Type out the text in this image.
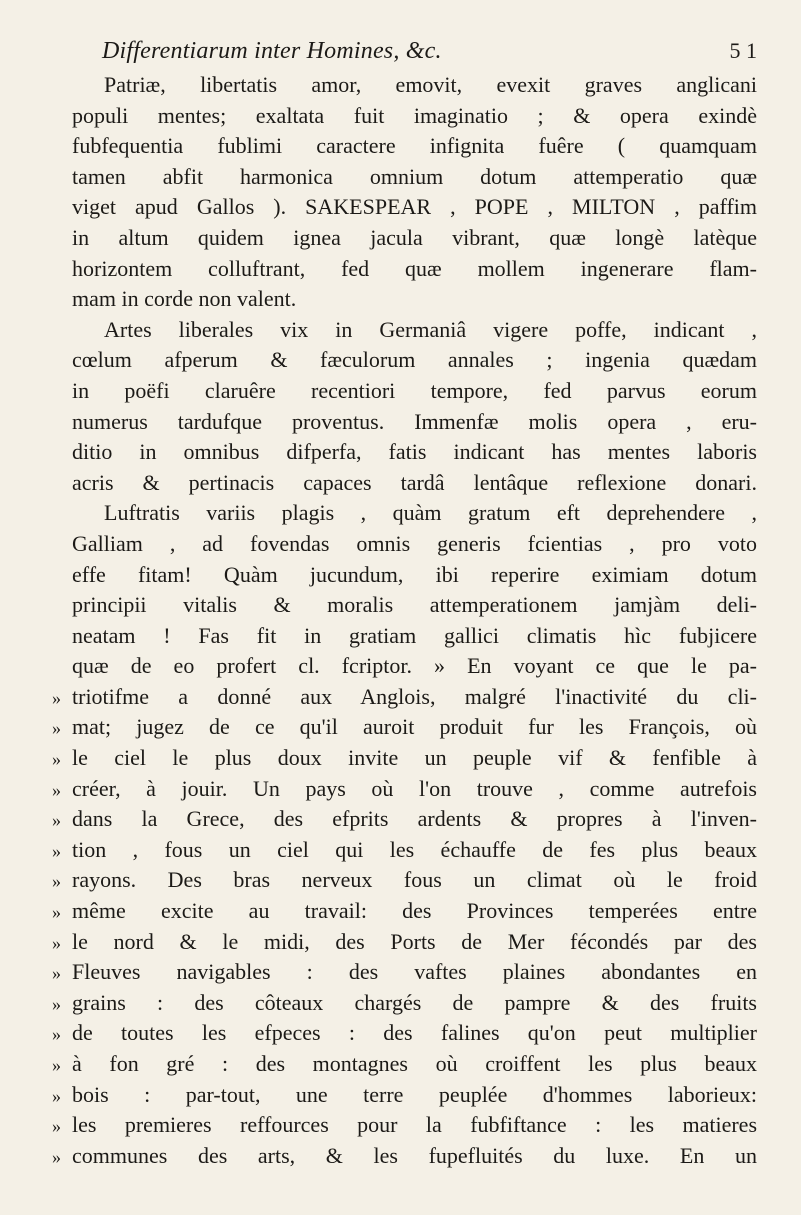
Differentiarum inter Homines, &c.	5 1
Patriæ, libertatis amor, emovit, evexit graves anglicani
populi mentes; exaltata fuit imaginatio ; & opera exindè
fubfequentia fublimi caractere infignita fuêre ( quamquam
tamen abfit harmonica omnium dotum attemperatio quæ
viget apud Gallos ). SAKESPEAR , POPE , MILTON , paffim
in altum quidem ignea jacula vibrant, quæ longè latèque
horizontem colluftrant, fed quæ mollem ingenerare flam-
mam in corde non valent.
Artes liberales vix in Germaniâ vigere poffe, indicant ,
cœlum afperum & fæculorum annales ; ingenia quædam
in poëfi claruêre recentiori tempore, fed parvus eorum
numerus tardufque proventus. Immenfæ molis opera , eru-
ditio in omnibus difperfa, fatis indicant has mentes laboris
acris & pertinacis capaces tardâ lentâque reflexione donari.
Luftratis variis plagis , quàm gratum eft deprehendere ,
Galliam , ad fovendas omnis generis fcientias , pro voto
effe fitam! Quàm jucundum, ibi reperire eximiam dotum
principii vitalis & moralis attemperationem jamjàm deli-
neatam ! Fas fit in gratiam gallici climatis hìc fubjicere
quæ de eo profert cl. fcriptor. » En voyant ce que le pa-
» triotifme a donné aux Anglois, malgré l'inactivité du cli-
» mat; jugez de ce qu'il auroit produit fur les François, où
» le ciel le plus doux invite un peuple vif & fenfible à
» créer, à jouir. Un pays où l'on trouve , comme autrefois
» dans la Grece, des efprits ardents & propres à l'inven-
» tion , fous un ciel qui les échauffe de fes plus beaux
» rayons. Des bras nerveux fous un climat où le froid
» même excite au travail: des Provinces temperées entre
» le nord & le midi, des Ports de Mer fécondés par des
» Fleuves navigables : des vaftes plaines abondantes en
» grains : des côteaux chargés de pampre & des fruits
» de toutes les efpeces : des falines qu'on peut multiplier
» à fon gré : des montagnes où croiffent les plus beaux
» bois : par-tout, une terre peuplée d'hommes laborieux:
» les premieres reffources pour la fubfiftance : les matieres
» communes des arts, & les fupefluités du luxe. En un
